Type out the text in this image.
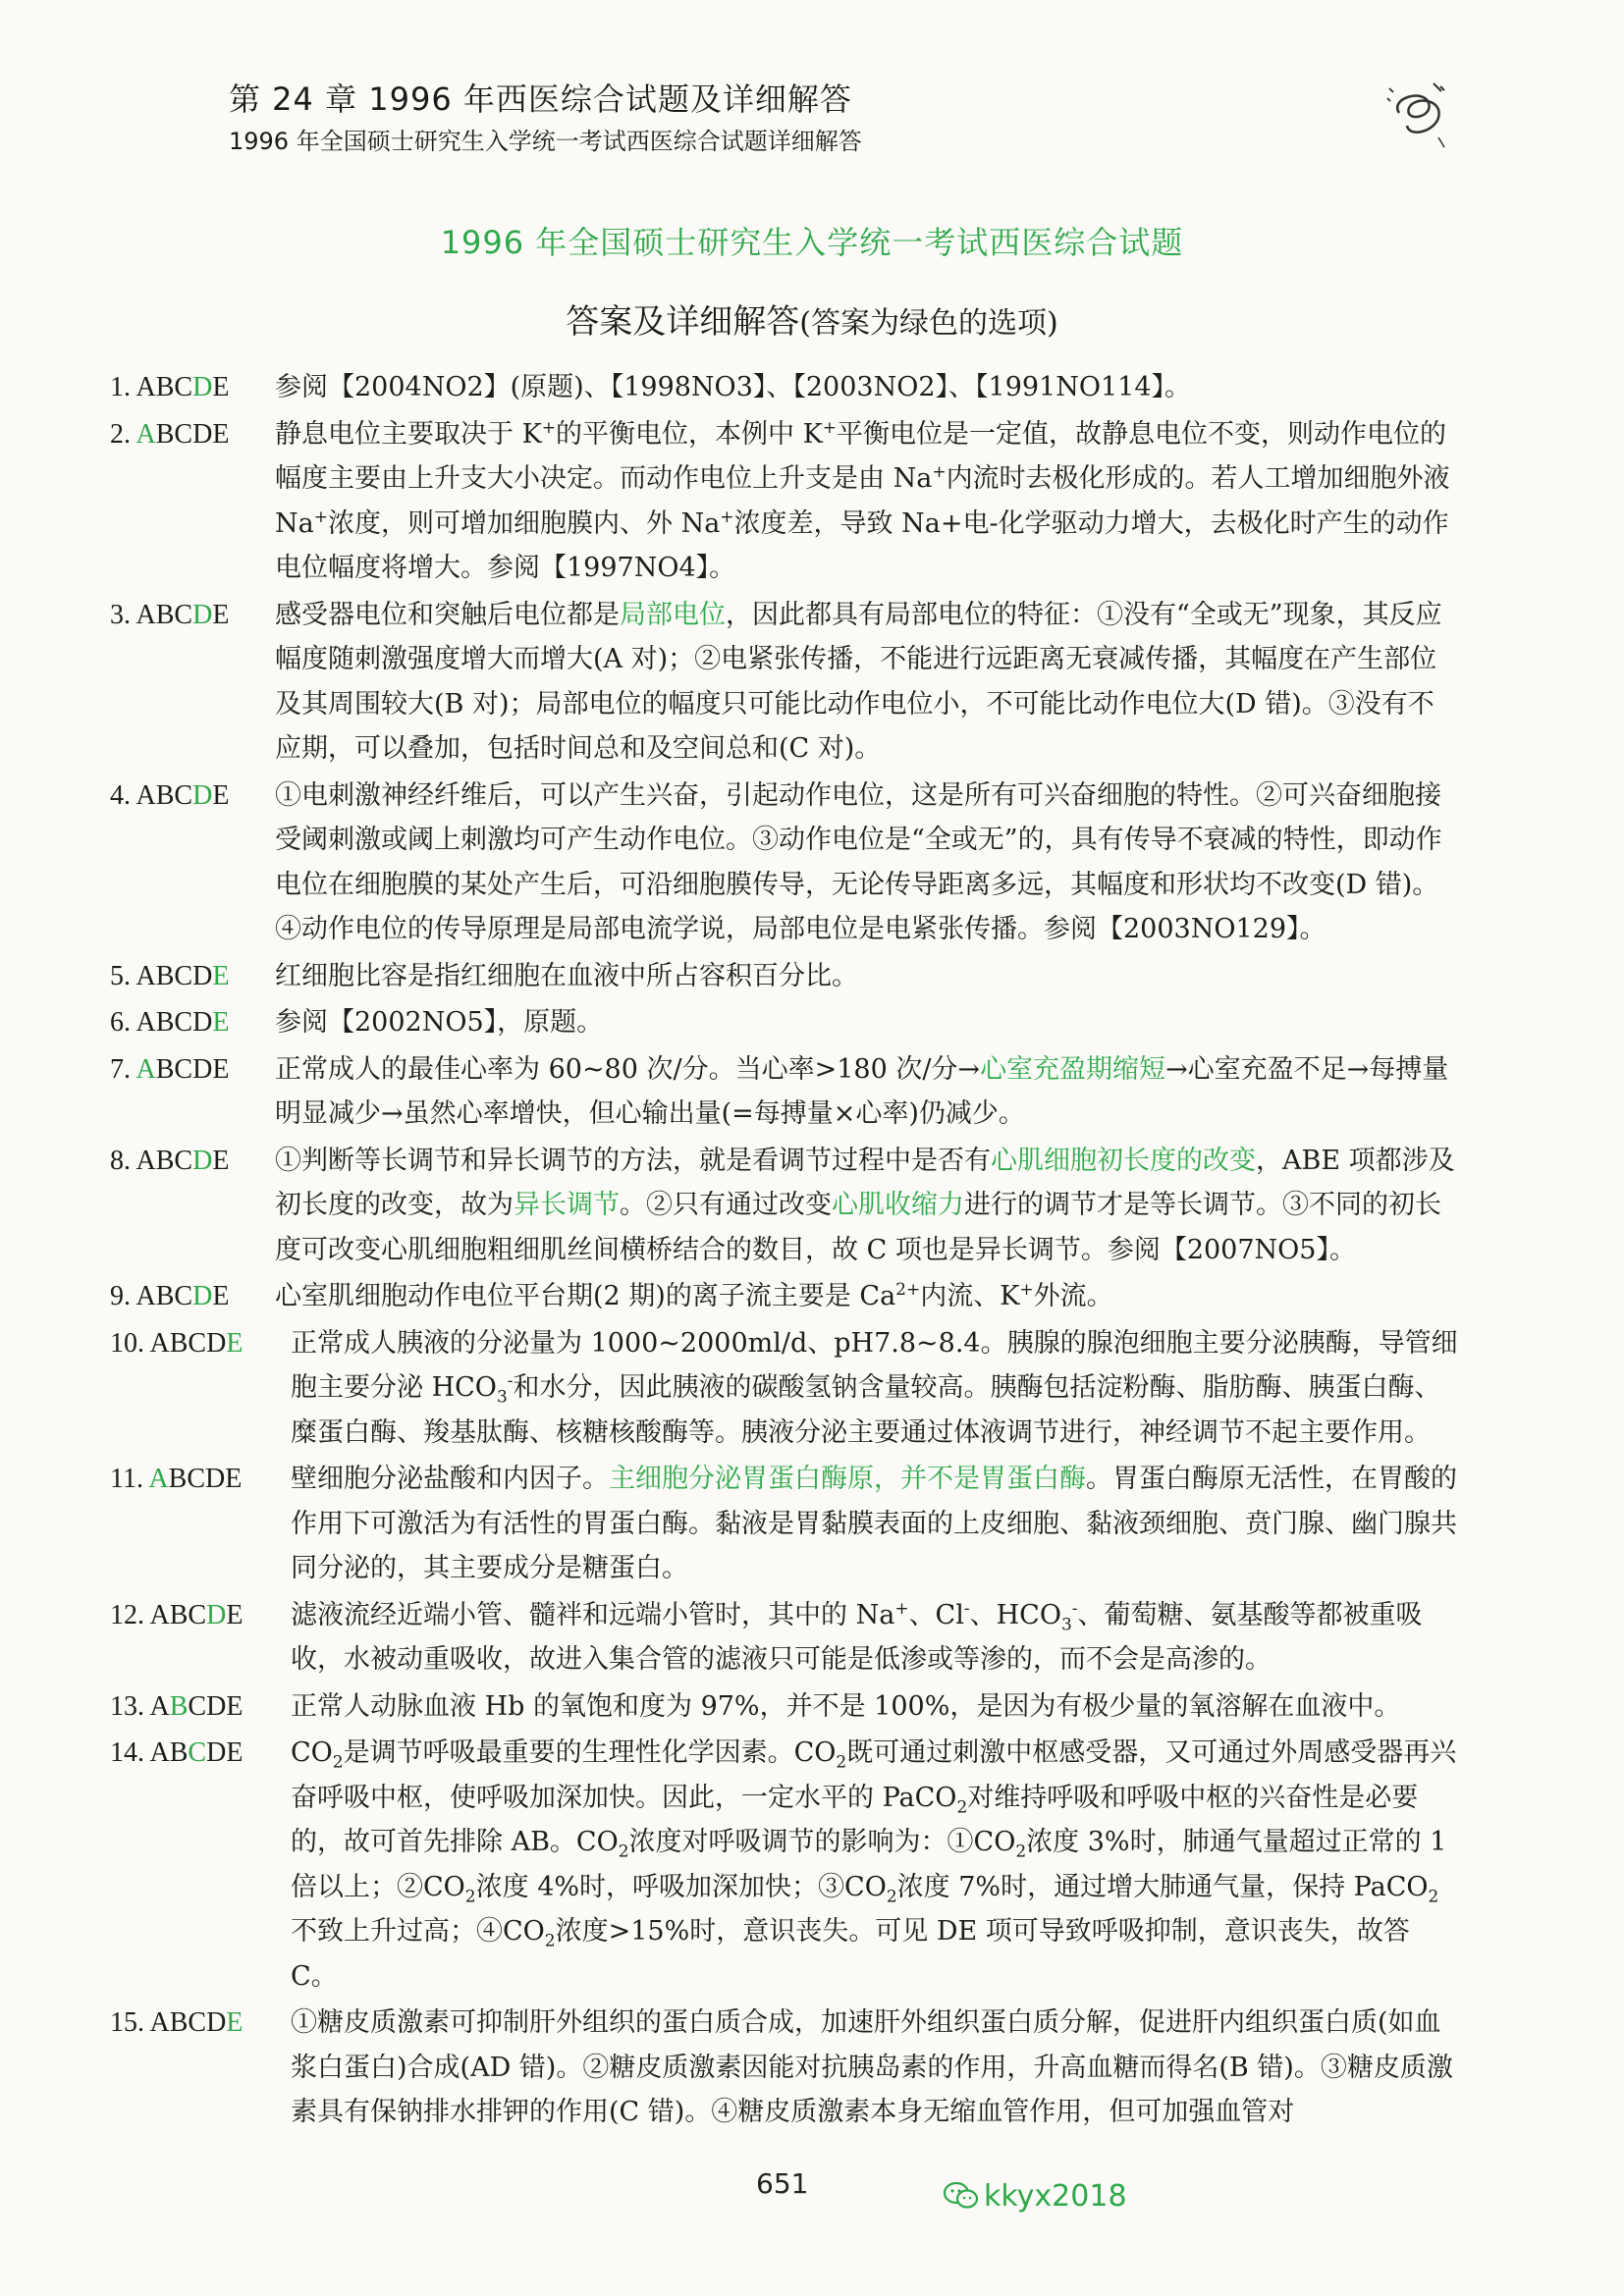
第 24 章 1996 年西医综合试题及详细解答
1996 年全国硕士研究生入学统一考试西医综合试题详细解答
1996 年全国硕士研究生入学统一考试西医综合试题
答案及详细解答(答案为绿色的选项)
1. ABCDE	参阅【2004NO2】(原题)、【1998NO3】、【2003NO2】、【1991NO114】。
2. ABCDE	静息电位主要取决于 K+的平衡电位，本例中 K+平衡电位是一定值，故静息电位不变，则动作电位的幅度主要由上升支大小决定。而动作电位上升支是由 Na+内流时去极化形成的。若人工增加细胞外液 Na+浓度，则可增加细胞膜内、外 Na+浓度差，导致 Na+电-化学驱动力增大，去极化时产生的动作电位幅度将增大。参阅【1997NO4】。
3. ABCDE	感受器电位和突触后电位都是局部电位，因此都具有局部电位的特征：①没有“全或无”现象，其反应幅度随刺激强度增大而增大(A 对)；②电紧张传播，不能进行远距离无衰减传播，其幅度在产生部位及其周围较大(B 对)；局部电位的幅度只可能比动作电位小，不可能比动作电位大(D 错)。③没有不应期，可以叠加，包括时间总和及空间总和(C 对)。
4. ABCDE	①电刺激神经纤维后，可以产生兴奋，引起动作电位，这是所有可兴奋细胞的特性。②可兴奋细胞接受阈刺激或阈上刺激均可产生动作电位。③动作电位是“全或无”的，具有传导不衰减的特性，即动作电位在细胞膜的某处产生后，可沿细胞膜传导，无论传导距离多远，其幅度和形状均不改变(D 错)。④动作电位的传导原理是局部电流学说，局部电位是电紧张传播。参阅【2003NO129】。
5. ABCDE	红细胞比容是指红细胞在血液中所占容积百分比。
6. ABCDE	参阅【2002NO5】，原题。
7. ABCDE	正常成人的最佳心率为 60~80 次/分。当心率>180 次/分→心室充盈期缩短→心室充盈不足→每搏量明显减少→虽然心率增快，但心输出量(=每搏量×心率)仍减少。
8. ABCDE	①判断等长调节和异长调节的方法，就是看调节过程中是否有心肌细胞初长度的改变，ABE 项都涉及初长度的改变，故为异长调节。②只有通过改变心肌收缩力进行的调节才是等长调节。③不同的初长度可改变心肌细胞粗细肌丝间横桥结合的数目，故 C 项也是异长调节。参阅【2007NO5】。
9. ABCDE	心室肌细胞动作电位平台期(2 期)的离子流主要是 $Ca^{2+}$内流、K+外流。
10. ABCDE	正常成人胰液的分泌量为 1000~2000ml/d、pH7.8~8.4。胰腺的腺泡细胞主要分泌胰酶，导管细胞主要分泌 $HCO_3^-$和水分，因此胰液的碳酸氢钠含量较高。胰酶包括淀粉酶、脂肪酶、胰蛋白酶、糜蛋白酶、羧基肽酶、核糖核酸酶等。胰液分泌主要通过体液调节进行，神经调节不起主要作用。
11. ABCDE	壁细胞分泌盐酸和内因子。主细胞分泌胃蛋白酶原，并不是胃蛋白酶。胃蛋白酶原无活性，在胃酸的作用下可激活为有活性的胃蛋白酶。黏液是胃黏膜表面的上皮细胞、黏液颈细胞、贲门腺、幽门腺共同分泌的，其主要成分是糖蛋白。
12. ABCDE	滤液流经近端小管、髓袢和远端小管时，其中的 Na+、Cl-、$HCO_3^-$、葡萄糖、氨基酸等都被重吸收，水被动重吸收，故进入集合管的滤液只可能是低渗或等渗的，而不会是高渗的。
13. ABCDE	正常人动脉血液 Hb 的氧饱和度为 97%，并不是 100%，是因为有极少量的氧溶解在血液中。
14. ABCDE	$CO_2$是调节呼吸最重要的生理性化学因素。$CO_2$既可通过刺激中枢感受器，又可通过外周感受器再兴奋呼吸中枢，使呼吸加深加快。因此，一定水平的 PaCO$_2$对维持呼吸和呼吸中枢的兴奋性是必要的，故可首先排除 AB。$CO_2$浓度对呼吸调节的影响为：$①CO_2$浓度 3%时，肺通气量超过正常的 1 倍以上；$②CO_2$浓度 4%时，呼吸加深加快；$③CO_2$浓度 7%时，通过增大肺通气量，保持 PaCO$_2$不致上升过高；$④CO_2$浓度>15%时，意识丧失。可见 DE 项可导致呼吸抑制，意识丧失，故答 C。
15. ABCDE	①糖皮质激素可抑制肝外组织的蛋白质合成，加速肝外组织蛋白质分解，促进肝内组织蛋白质(如血浆白蛋白)合成(AD 错)。②糖皮质激素因能对抗胰岛素的作用，升高血糖而得名(B 错)。③糖皮质激素具有保钠排水排钾的作用(C 错)。④糖皮质激素本身无缩血管作用，但可加强血管对
651	kkyx2018
